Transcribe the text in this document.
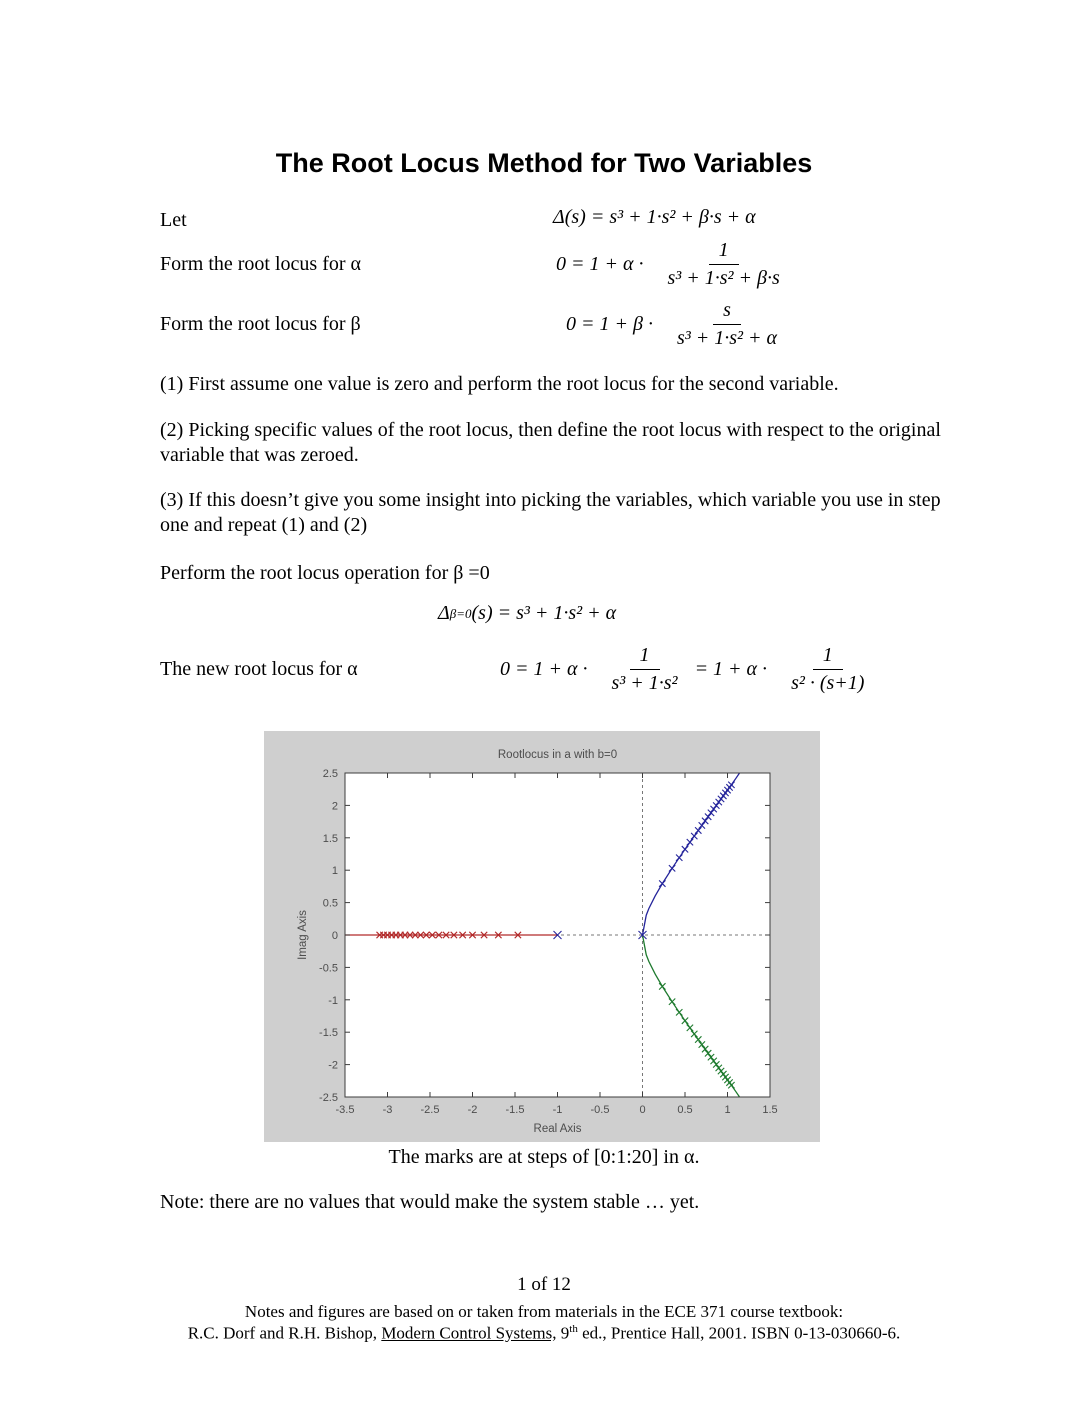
The Root Locus Method for Two Variables
Let	Δ(s) = s³ + 1·s² + β·s + α
Form the root locus for α	$0 = 1 + \alpha \cdot \frac{1}{\text{s³ + 1·s² + β·s}}$
Form the root locus for β	$0 = 1 + \beta \cdot \frac{s}{\text{s³ + 1·s² + α}}$

(1) First assume one value is zero and perform the root locus for the second variable.

(2) Picking specific values of the root locus, then define the root locus with respect to the original variable that was zeroed.

(3) If this doesn’t give you some insight into picking the variables, which variable you use in step one and repeat (1) and (2)

Perform the root locus operation for β =0

Δ β=0 (s) = s³ + 1·s² + α
The new root locus for α	$0 = 1 + \alpha \cdot \frac{1}{\text{s³ + 1·s²}} = 1 + \alpha \cdot \frac{1}{\text{s² · (s+1)}}$
-3.5	-3	-2.5	-2	-1.5	-1	-0.5	0	0.5	1	1.5
-2.5
-2
-1.5
-1
-0.5
0
0.5
1
1.5
2
2.5
Rootlocus in a with b=0
Real Axis
Imag Axis
The marks are at steps of [0:1:20] in α.
Note: there are no values that would make the system stable … yet.
1 of 12
Notes and figures are based on or taken from materials in the ECE 371 course textbook:
R.C. Dorf and R.H. Bishop, Modern Control Systems, 9th ed., Prentice Hall, 2001. ISBN 0-13-030660-6.
